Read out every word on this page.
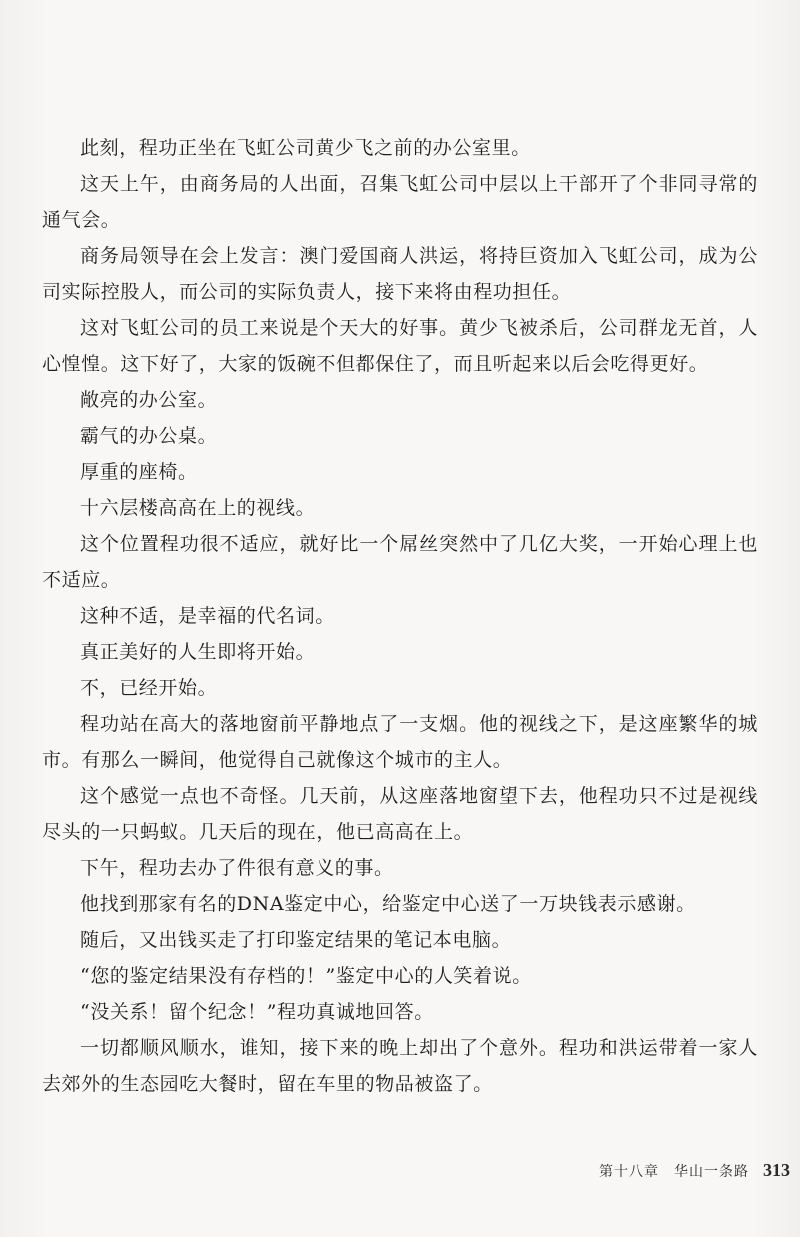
此刻，程功正坐在飞虹公司黄少飞之前的办公室里。

这天上午，由商务局的人出面，召集飞虹公司中层以上干部开了个非同寻常的通气会。

商务局领导在会上发言：澳门爱国商人洪运，将持巨资加入飞虹公司，成为公司实际控股人，而公司的实际负责人，接下来将由程功担任。

这对飞虹公司的员工来说是个天大的好事。黄少飞被杀后，公司群龙无首，人心惶惶。这下好了，大家的饭碗不但都保住了，而且听起来以后会吃得更好。

敞亮的办公室。

霸气的办公桌。

厚重的座椅。

十六层楼高高在上的视线。

这个位置程功很不适应，就好比一个屌丝突然中了几亿大奖，一开始心理上也不适应。

这种不适，是幸福的代名词。

真正美好的人生即将开始。

不，已经开始。

程功站在高大的落地窗前平静地点了一支烟。他的视线之下，是这座繁华的城市。有那么一瞬间，他觉得自己就像这个城市的主人。

这个感觉一点也不奇怪。几天前，从这座落地窗望下去，他程功只不过是视线尽头的一只蚂蚁。几天后的现在，他已高高在上。

下午，程功去办了件很有意义的事。

他找到那家有名的DNA鉴定中心，给鉴定中心送了一万块钱表示感谢。

随后，又出钱买走了打印鉴定结果的笔记本电脑。

“您的鉴定结果没有存档的！”鉴定中心的人笑着说。

“没关系！留个纪念！”程功真诚地回答。

一切都顺风顺水，谁知，接下来的晚上却出了个意外。程功和洪运带着一家人去郊外的生态园吃大餐时，留在车里的物品被盗了。

第十八章　华山一条路 313
